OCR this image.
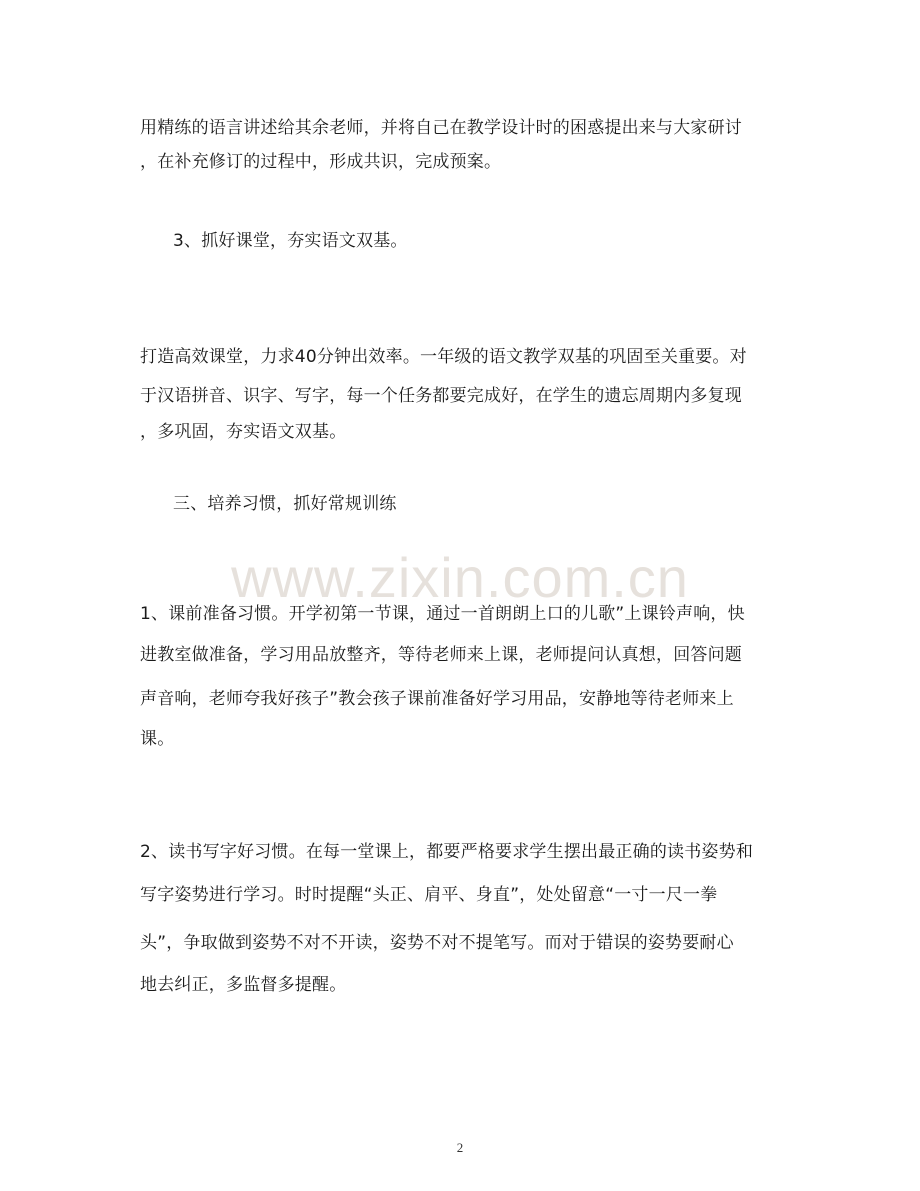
www.zixin.com.cn
用精练的语言讲述给其余老师，并将自己在教学设计时的困惑提出来与大家研讨
，在补充修订的过程中，形成共识，完成预案。
3、抓好课堂，夯实语文双基。
打造高效课堂，力求40分钟出效率。一年级的语文教学双基的巩固至关重要。对
于汉语拼音、识字、写字，每一个任务都要完成好，在学生的遗忘周期内多复现
，多巩固，夯实语文双基。
三、培养习惯，抓好常规训练
1、课前准备习惯。开学初第一节课，通过一首朗朗上口的儿歌”上课铃声响，快
进教室做准备，学习用品放整齐，等待老师来上课，老师提问认真想，回答问题
声音响，老师夸我好孩子”教会孩子课前准备好学习用品，安静地等待老师来上
课。
2、读书写字好习惯。在每一堂课上，都要严格要求学生摆出最正确的读书姿势和
写字姿势进行学习。时时提醒“头正、肩平、身直”，处处留意“一寸一尺一拳
头”，争取做到姿势不对不开读，姿势不对不提笔写。而对于错误的姿势要耐心
地去纠正，多监督多提醒。
2
